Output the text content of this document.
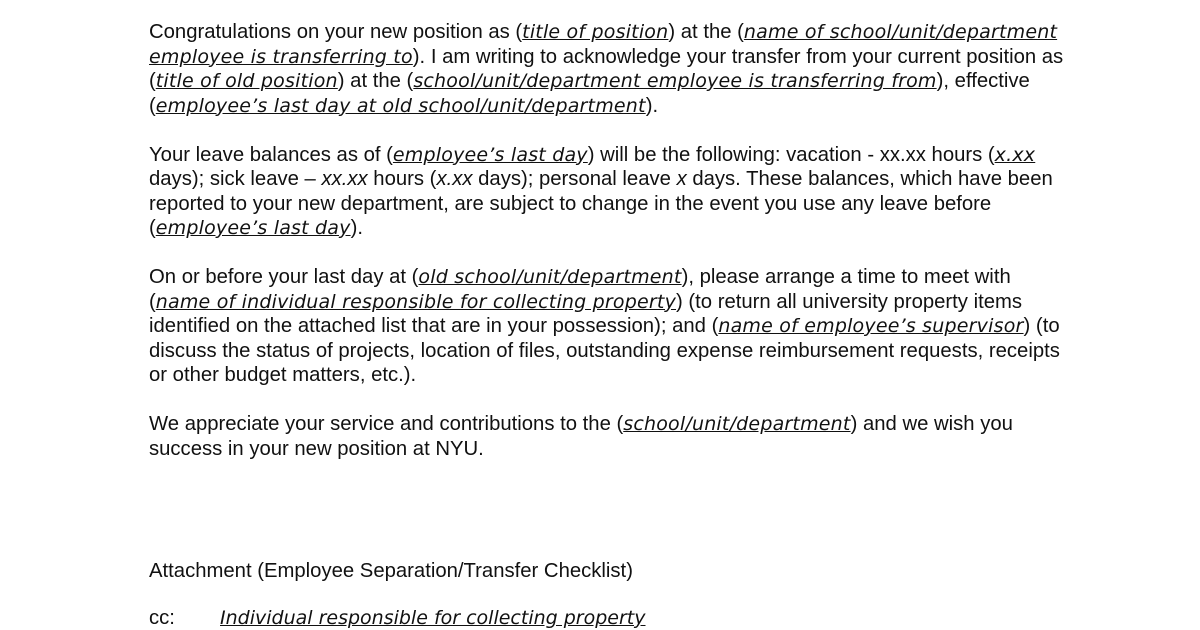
Congratulations on your new position as (title of position) at the (name of school/unit/department employee is transferring to). I am writing to acknowledge your transfer from your current position as (title of old position) at the (school/unit/department employee is transferring from), effective (employee’s last day at old school/unit/department).

Your leave balances as of (employee’s last day) will be the following: vacation - xx.xx hours (x.xx days); sick leave – xx.xx hours (x.xx days); personal leave x days. These balances, which have been reported to your new department, are subject to change in the event you use any leave before (employee’s last day).

On or before your last day at (old school/unit/department), please arrange a time to meet with (name of individual responsible for collecting property) (to return all university property items identified on the attached list that are in your possession); and (name of employee’s supervisor) (to discuss the status of projects, location of files, outstanding expense reimbursement requests, receipts or other budget matters, etc.).

We appreciate your service and contributions to the (school/unit/department) and we wish you success in your new position at NYU.

Attachment (Employee Separation/Transfer Checklist)

cc: Individual responsible for collecting property
